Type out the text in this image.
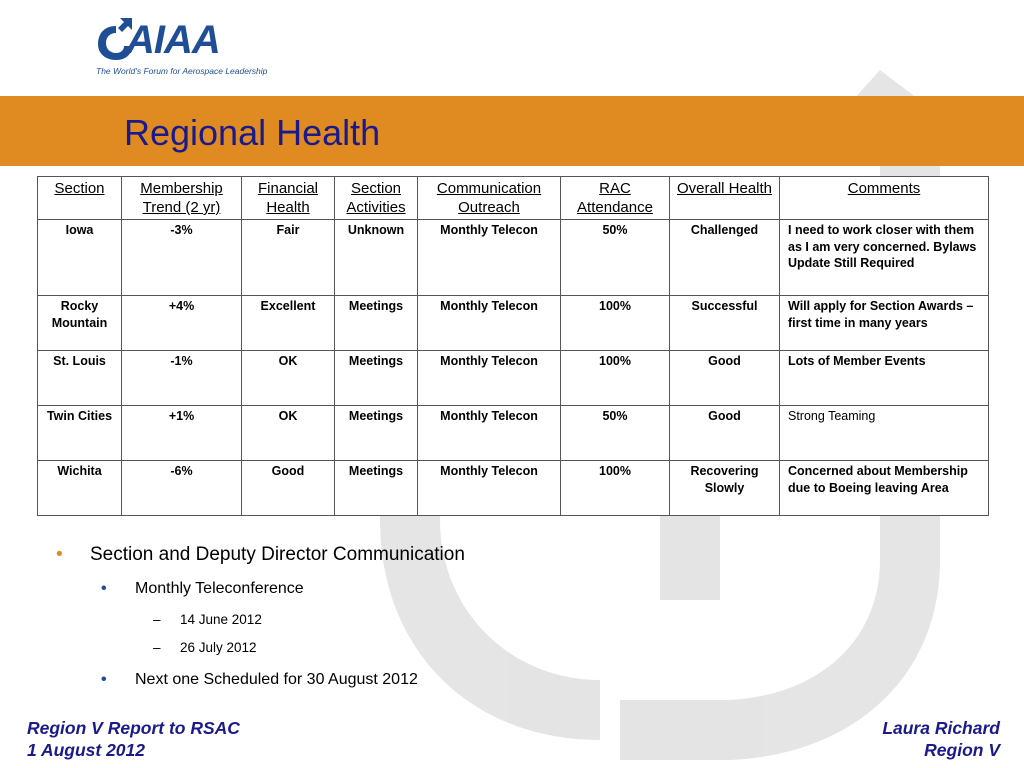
AIAA
The World's Forum for Aerospace Leadership
Regional Health
Section	Membership Trend (2 yr)	Financial Health	Section Activities	Communication Outreach	RAC Attendance	Overall Health	Comments
Iowa	-3%	Fair	Unknown	Monthly Telecon	50%	Challenged	I need to work closer with them as I am very concerned. Bylaws Update Still Required
Rocky Mountain	+4%	Excellent	Meetings	Monthly Telecon	100%	Successful	Will apply for Section Awards – first time in many years
St. Louis	-1%	OK	Meetings	Monthly Telecon	100%	Good	Lots of Member Events
Twin Cities	+1%	OK	Meetings	Monthly Telecon	50%	Good	Strong Teaming
Wichita	-6%	Good	Meetings	Monthly Telecon	100%	Recovering Slowly	Concerned about Membership due to Boeing leaving Area
• Section and Deputy Director Communication
• Monthly Teleconference
– 14 June 2012
– 26 July 2012
• Next one Scheduled for 30 August 2012
Region V Report to RSAC
1 August 2012
Laura Richard
Region V
